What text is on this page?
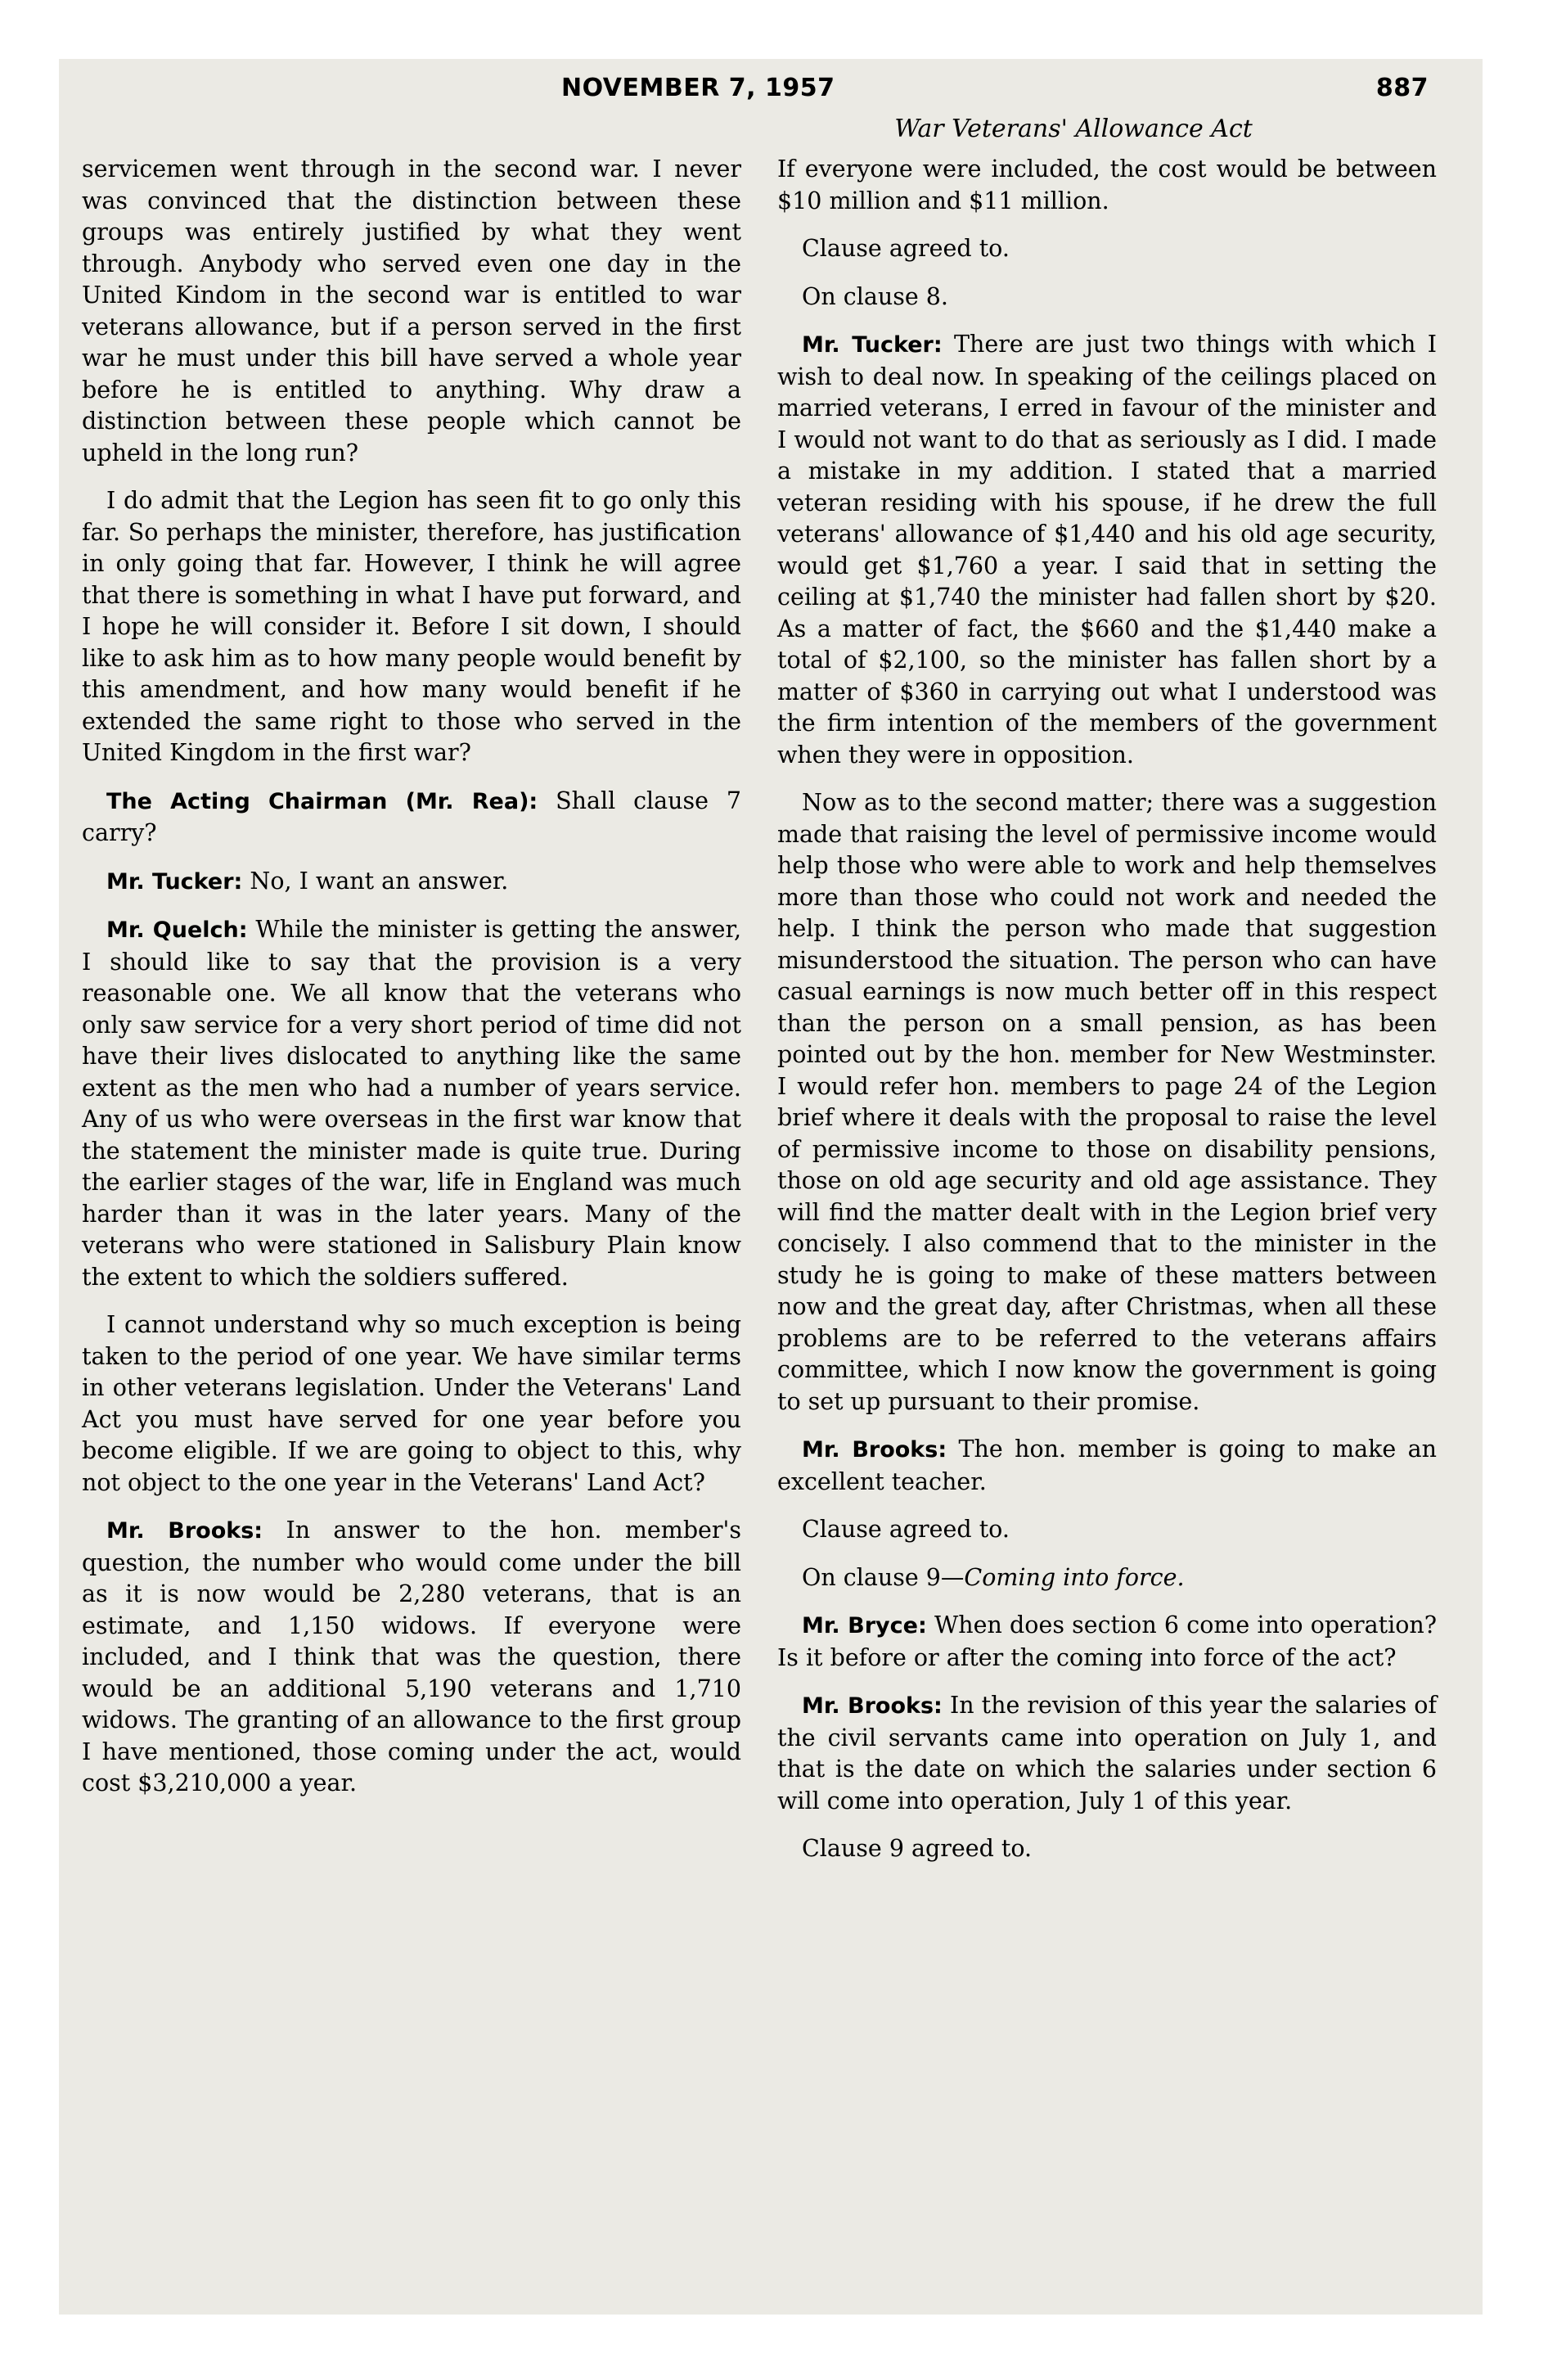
NOVEMBER 7, 1957	887
War Veterans' Allowance Act

servicemen went through in the second war. I never was convinced that the distinction between these groups was entirely justified by what they went through. Anybody who served even one day in the United Kindom in the second war is entitled to war veterans allowance, but if a person served in the first war he must under this bill have served a whole year before he is entitled to anything. Why draw a distinction between these people which cannot be upheld in the long run?

I do admit that the Legion has seen fit to go only this far. So perhaps the minister, therefore, has justification in only going that far. However, I think he will agree that there is something in what I have put forward, and I hope he will consider it. Before I sit down, I should like to ask him as to how many people would benefit by this amendment, and how many would benefit if he extended the same right to those who served in the United Kingdom in the first war?

The Acting Chairman (Mr. Rea): Shall clause 7 carry?

Mr. Tucker: No, I want an answer.

Mr. Quelch: While the minister is getting the answer, I should like to say that the provision is a very reasonable one. We all know that the veterans who only saw service for a very short period of time did not have their lives dislocated to anything like the same extent as the men who had a number of years service. Any of us who were overseas in the first war know that the statement the minister made is quite true. During the earlier stages of the war, life in England was much harder than it was in the later years. Many of the veterans who were stationed in Salisbury Plain know the extent to which the soldiers suffered.

I cannot understand why so much exception is being taken to the period of one year. We have similar terms in other veterans legislation. Under the Veterans' Land Act you must have served for one year before you become eligible. If we are going to object to this, why not object to the one year in the Veterans' Land Act?

Mr. Brooks: In answer to the hon. member's question, the number who would come under the bill as it is now would be 2,280 veterans, that is an estimate, and 1,150 widows. If everyone were included, and I think that was the question, there would be an additional 5,190 veterans and 1,710 widows. The granting of an allowance to the first group I have mentioned, those coming under the act, would cost $3,210,000 a year.

If everyone were included, the cost would be between $10 million and $11 million.

Clause agreed to.

On clause 8.

Mr. Tucker: There are just two things with which I wish to deal now. In speaking of the ceilings placed on married veterans, I erred in favour of the minister and I would not want to do that as seriously as I did. I made a mistake in my addition. I stated that a married veteran residing with his spouse, if he drew the full veterans' allowance of $1,440 and his old age security, would get $1,760 a year. I said that in setting the ceiling at $1,740 the minister had fallen short by $20. As a matter of fact, the $660 and the $1,440 make a total of $2,100, so the minister has fallen short by a matter of $360 in carrying out what I understood was the firm intention of the members of the government when they were in opposition.

Now as to the second matter; there was a suggestion made that raising the level of permissive income would help those who were able to work and help themselves more than those who could not work and needed the help. I think the person who made that suggestion misunderstood the situation. The person who can have casual earnings is now much better off in this respect than the person on a small pension, as has been pointed out by the hon. member for New Westminster. I would refer hon. members to page 24 of the Legion brief where it deals with the proposal to raise the level of permissive income to those on disability pensions, those on old age security and old age assistance. They will find the matter dealt with in the Legion brief very concisely. I also commend that to the minister in the study he is going to make of these matters between now and the great day, after Christmas, when all these problems are to be referred to the veterans affairs committee, which I now know the government is going to set up pursuant to their promise.

Mr. Brooks: The hon. member is going to make an excellent teacher.

Clause agreed to.

On clause 9—Coming into force.

Mr. Bryce: When does section 6 come into operation? Is it before or after the coming into force of the act?

Mr. Brooks: In the revision of this year the salaries of the civil servants came into operation on July 1, and that is the date on which the salaries under section 6 will come into operation, July 1 of this year.

Clause 9 agreed to.
